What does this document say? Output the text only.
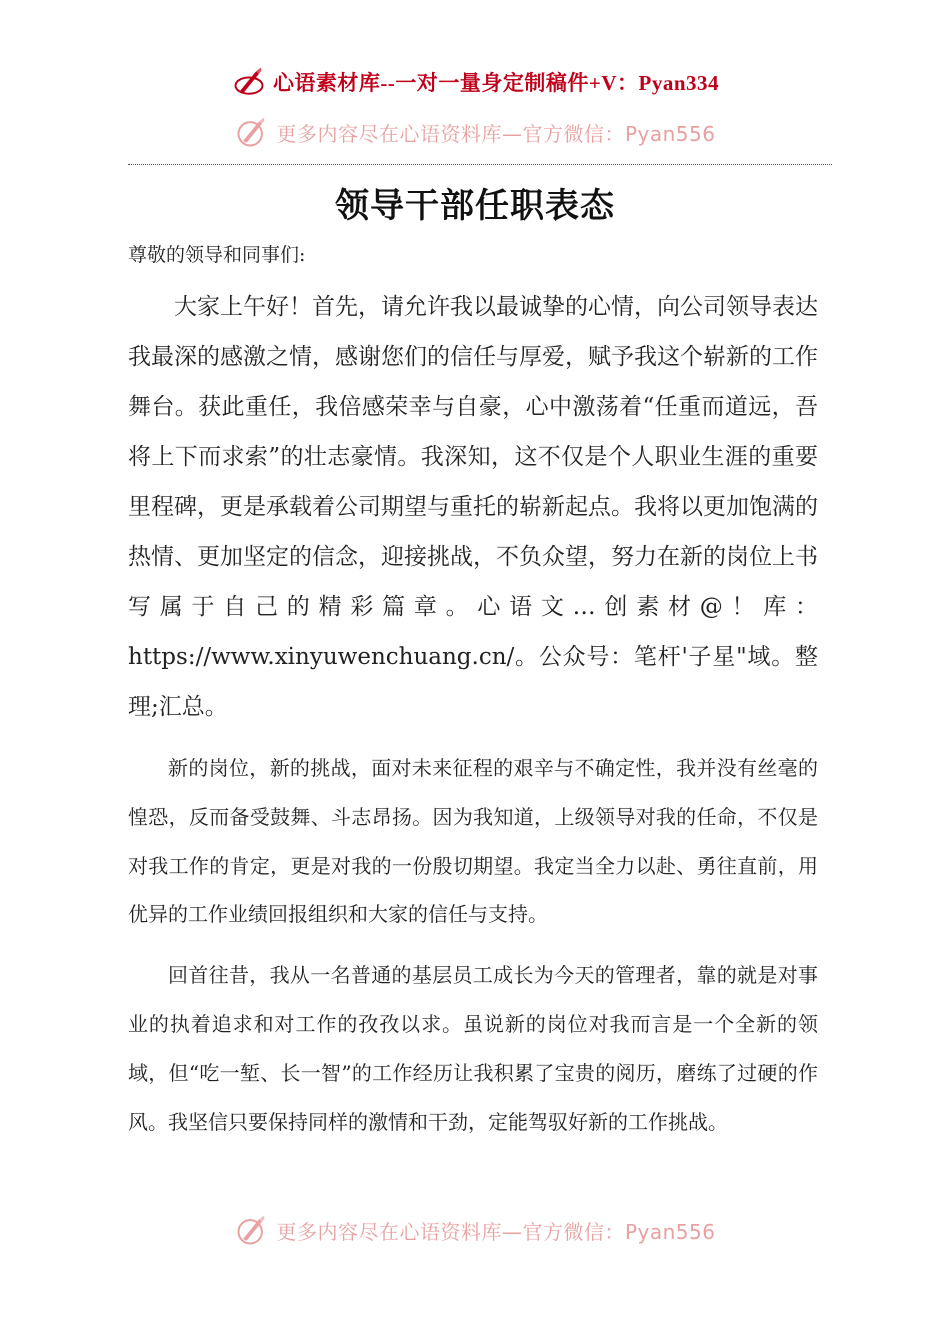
心语素材库--一对一量身定制稿件+V：Pyan334
更多内容尽在心语资料库—官方微信：Pyan556
领导干部任职表态
尊敬的领导和同事们:

大家上午好！首先，请允许我以最诚挚的心情，向公司领导表达我最深的感激之情，感谢您们的信任与厚爱，赋予我这个崭新的工作舞台。获此重任，我倍感荣幸与自豪，心中激荡着“任重而道远，吾将上下而求索”的壮志豪情。我深知，这不仅是个人职业生涯的重要里程碑，更是承载着公司期望与重托的崭新起点。我将以更加饱满的热情、更加坚定的信念，迎接挑战，不负众望，努力在新的岗位上书写属于自己的精彩篇章。心语文…创素材@！库：https://www.xinyuwenchuang.cn/。公众号：笔杆'子星"域。整理;汇总。

新的岗位，新的挑战，面对未来征程的艰辛与不确定性，我并没有丝毫的惶恐，反而备受鼓舞、斗志昂扬。因为我知道，上级领导对我的任命，不仅是对我工作的肯定，更是对我的一份殷切期望。我定当全力以赴、勇往直前，用优异的工作业绩回报组织和大家的信任与支持。

回首往昔，我从一名普通的基层员工成长为今天的管理者，靠的就是对事业的执着追求和对工作的孜孜以求。虽说新的岗位对我而言是一个全新的领域，但“吃一堑、长一智”的工作经历让我积累了宝贵的阅历，磨练了过硬的作风。我坚信只要保持同样的激情和干劲，定能驾驭好新的工作挑战。

更多内容尽在心语资料库—官方微信：Pyan556
